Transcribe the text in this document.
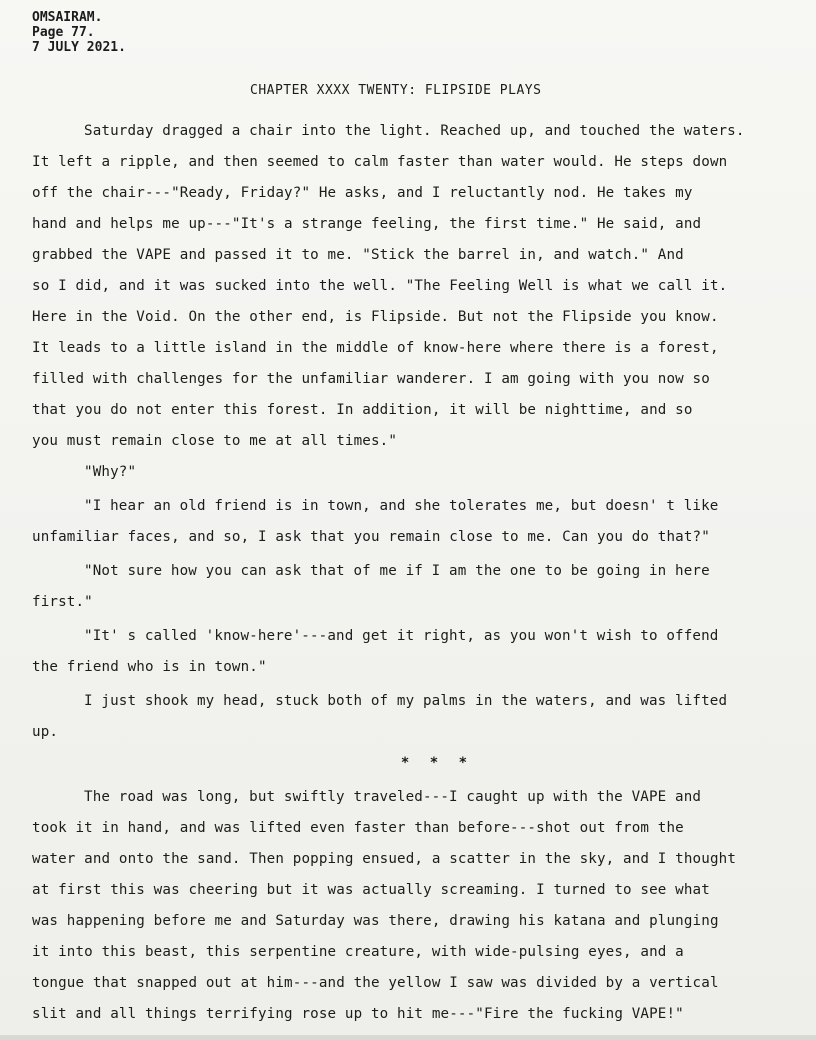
OMSAIRAM.
Page 77.
7 JULY 2021.
CHAPTER XXXX TWENTY: FLIPSIDE PLAYS
Saturday dragged a chair into the light. Reached up, and touched the waters.
It left a ripple, and then seemed to calm faster than water would. He steps down
off the chair---"Ready, Friday?" He asks, and I reluctantly nod. He takes my
hand and helps me up---"It's a strange feeling, the first time." He said, and
grabbed the VAPE and passed it to me. "Stick the barrel in, and watch." And
so I did, and it was sucked into the well. "The Feeling Well is what we call it.
Here in the Void. On the other end, is Flipside. But not the Flipside you know.
It leads to a little island in the middle of know-here where there is a forest,
filled with challenges for the unfamiliar wanderer. I am going with you now so
that you do not enter this forest. In addition, it will be nighttime, and so
you must remain close to me at all times."
"Why?"
"I hear an old friend is in town, and she tolerates me, but doesn' t like
unfamiliar faces, and so, I ask that you remain close to me. Can you do that?"
"Not sure how you can ask that of me if I am the one to be going in here
first."
"It' s called 'know-here'---and get it right, as you won't wish to offend
the friend who is in town."
I just shook my head, stuck both of my palms in the waters, and was lifted
up.
* * *
The road was long, but swiftly traveled---I caught up with the VAPE and
took it in hand, and was lifted even faster than before---shot out from the
water and onto the sand. Then popping ensued, a scatter in the sky, and I thought
at first this was cheering but it was actually screaming. I turned to see what
was happening before me and Saturday was there, drawing his katana and plunging
it into this beast, this serpentine creature, with wide-pulsing eyes, and a
tongue that snapped out at him---and the yellow I saw was divided by a vertical
slit and all things terrifying rose up to hit me---"Fire the fucking VAPE!"
